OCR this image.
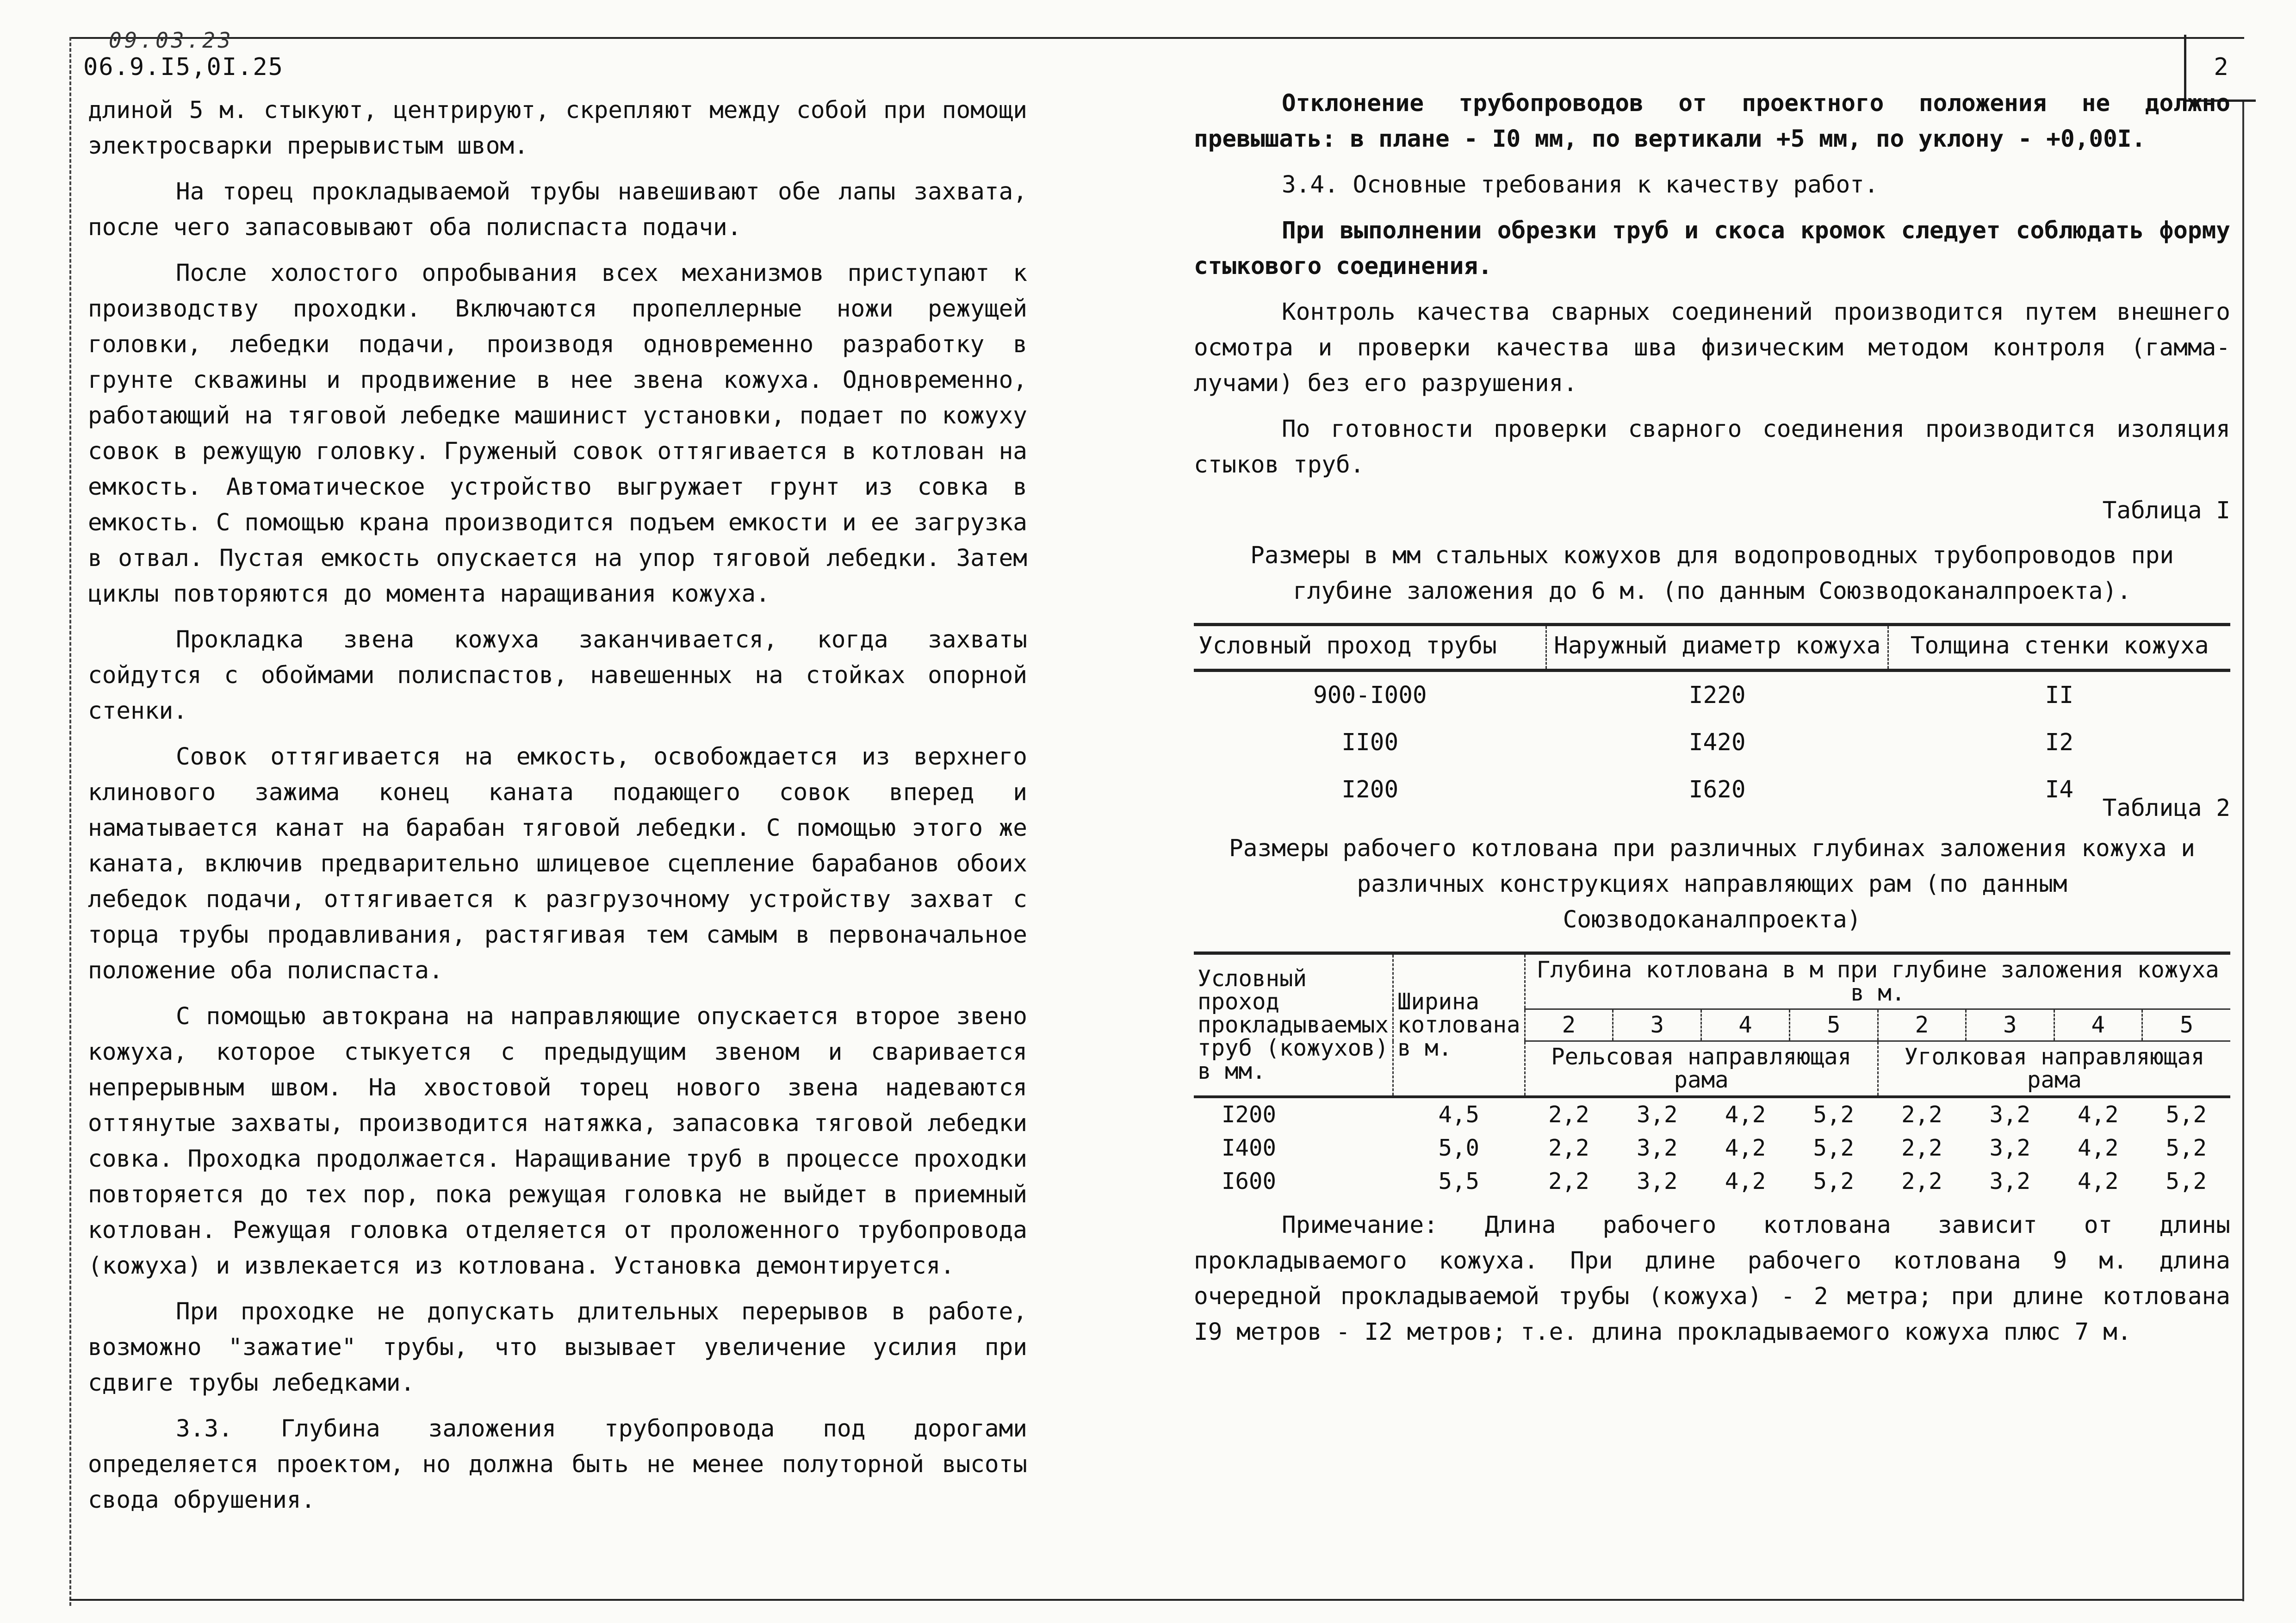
09.03.23
06.9.I5,0I.25	2

длиной 5 м. стыкуют, центрируют, скрепляют между собой при помощи электросварки прерывистым швом.

На торец прокладываемой трубы навешивают обе лапы захвата, после чего запасовывают оба полиспаста подачи.

После холостого опробывания всех механизмов приступают к производству проходки. Включаются пропеллерные ножи режущей головки, лебедки подачи, производя одновременно разработку в грунте скважины и продвижение в нее звена кожуха. Одновременно, работающий на тяговой лебедке машинист установки, подает по кожуху совок в режущую головку. Груженый совок оттягивается в котлован на емкость. Автоматическое устройство выгружает грунт из совка в емкость. С помощью крана производится подъем емкости и ее загрузка в отвал. Пустая емкость опускается на упор тяговой лебедки. Затем циклы повторяются до момента наращивания кожуха.

Прокладка звена кожуха заканчивается, когда захваты сойдутся с обоймами полиспастов, навешенных на стойках опорной стенки.

Совок оттягивается на емкость, освобождается из верхнего клинового зажима конец каната подающего совок вперед и наматывается канат на барабан тяговой лебедки. С помощью этого же каната, включив предварительно шлицевое сцепление барабанов обоих лебедок подачи, оттягивается к разгрузочному устройству захват с торца трубы продавливания, растягивая тем самым в первоначальное положение оба полиспаста.

С помощью автокрана на направляющие опускается второе звено кожуха, которое стыкуется с предыдущим звеном и сваривается непрерывным швом. На хвостовой торец нового звена надеваются оттянутые захваты, производится натяжка, запасовка тяговой лебедки совка. Проходка продолжается. Наращивание труб в процессе проходки повторяется до тех пор, пока режущая головка не выйдет в приемный котлован. Режущая головка отделяется от проложенного трубопровода (кожуха) и извлекается из котлована. Установка демонтируется.

При проходке не допускать длительных перерывов в работе, возможно "зажатие" трубы, что вызывает увеличение усилия при сдвиге трубы лебедками.

3.3. Глубина заложения трубопровода под дорогами определяется проектом, но должна быть не менее полуторной высоты свода обрушения.

Отклонение трубопроводов от проектного положения не должно превышать: в плане - I0 мм, по вертикали +5 мм, по уклону - +0,00I.

3.4. Основные требования к качеству работ.

При выполнении обрезки труб и скоса кромок следует соблюдать форму стыкового соединения.

Контроль качества сварных соединений производится путем внешнего осмотра и проверки качества шва физическим методом контроля (гамма-лучами) без его разрушения.

По готовности проверки сварного соединения производится изоляция стыков труб.

Таблица I
Размеры в мм стальных кожухов для водопроводных трубопроводов при глубине заложения до 6 м. (по данным Союзводоканалпроекта).
Условный проход трубы	Наружный диаметр кожуха	Толщина стенки кожуха
900-I000	I220	II
II00	I420	I2
I200	I620	I4
Таблица 2
Размеры рабочего котлована при различных глубинах заложения кожуха и различных конструкциях направляющих рам (по данным Союзводоканалпроекта)
Условный проход прокладываемых труб (кожухов) в мм.	Ширина котлована в м.	Глубина котлована в м при глубине заложения кожуха в м.							
		2	3	4	5	2	3	4	5
		Рельсовая направляющая рама				Уголковая направляющая рама			
I200	4,5	2,2	3,2	4,2	5,2	2,2	3,2	4,2	5,2
I400	5,0	2,2	3,2	4,2	5,2	2,2	3,2	4,2	5,2
I600	5,5	2,2	3,2	4,2	5,2	2,2	3,2	4,2	5,2

Примечание: Длина рабочего котлована зависит от длины прокладываемого кожуха. При длине рабочего котлована 9 м. длина очередной прокладываемой трубы (кожуха) - 2 метра; при длине котлована I9 метров - I2 метров; т.е. длина прокладываемого кожуха плюс 7 м.
